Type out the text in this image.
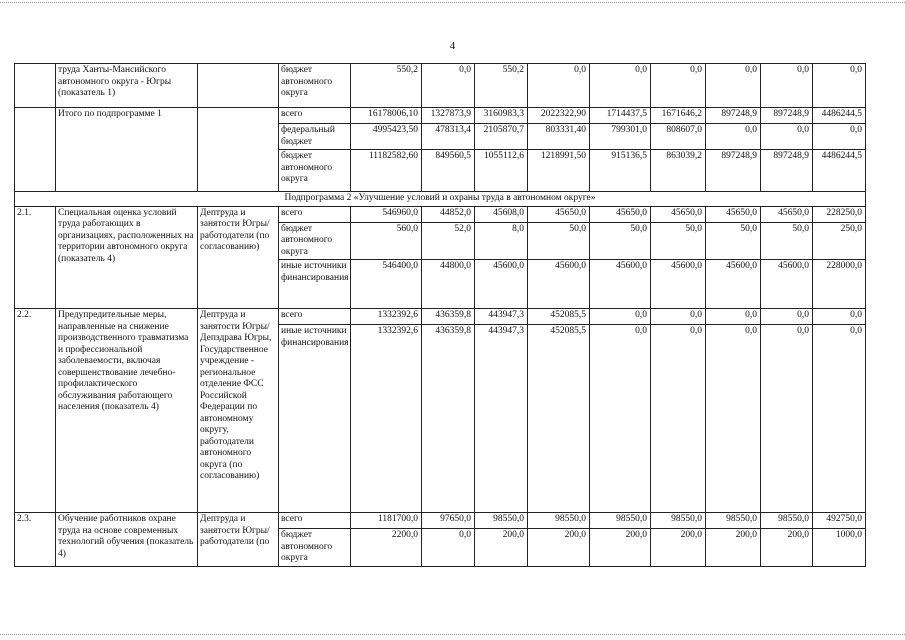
4
	труда Ханты-Мансийского автономного округа - Югры (показатель 1)		бюджет автономного округа	550,2	0,0	550,2	0,0	0,0	0,0	0,0	0,0	0,0
	Итого по подпрограмме 1		всего	16178006,10	1327873,9	3160983,3	2022322,90	1714437,5	1671646,2	897248,9	897248,9	4486244,5
			федеральный бюджет	4995423,50	478313,4	2105870,7	803331,40	799301,0	808607,0	0,0	0,0	0,0
			бюджет автономного округа	11182582,60	849560,5	1055112,6	1218991,50	915136,5	863039,2	897248,9	897248,9	4486244,5
Подпрограмма 2 «Улучшение условий и охраны труда в автономном округе»												
2.1.	Специальная оценка условий труда работающих в организациях, расположенных на территории автономного округа (показатель 4)	Дептруда и занятости Югры/работодатели (по согласованию)	всего	546960,0	44852,0	45608,0	45650,0	45650,0	45650,0	45650,0	45650,0	228250,0
			бюджет автономного округа	560,0	52,0	8,0	50,0	50,0	50,0	50,0	50,0	250,0
			иные источники финансирования	546400,0	44800,0	45600,0	45600,0	45600,0	45600,0	45600,0	45600,0	228000,0
2.2.	Предупредительные меры, направленные на снижение производственного травматизма и профессиональной заболеваемости, включая совершенствование лечебно-профилактического обслуживания работающего населения (показатель 4)	Дептруда и занятости Югры/Депздрава Югры, Государственное учреждение - региональное отделение ФСС Российской Федерации по автономному округу, работодатели автономного округа (по согласованию)	всего	1332392,6	436359,8	443947,3	452085,5	0,0	0,0	0,0	0,0	0,0
			иные источники финансирования	1332392,6	436359,8	443947,3	452085,5	0,0	0,0	0,0	0,0	0,0
2.3.	Обучение работников охране труда на основе современных технологий обучения (показатель 4)	Дептруда и занятости Югры/работодатели (по	всего	1181700,0	97650,0	98550,0	98550,0	98550,0	98550,0	98550,0	98550,0	492750,0
			бюджет автономного округа	2200,0	0,0	200,0	200,0	200,0	200,0	200,0	200,0	1000,0
